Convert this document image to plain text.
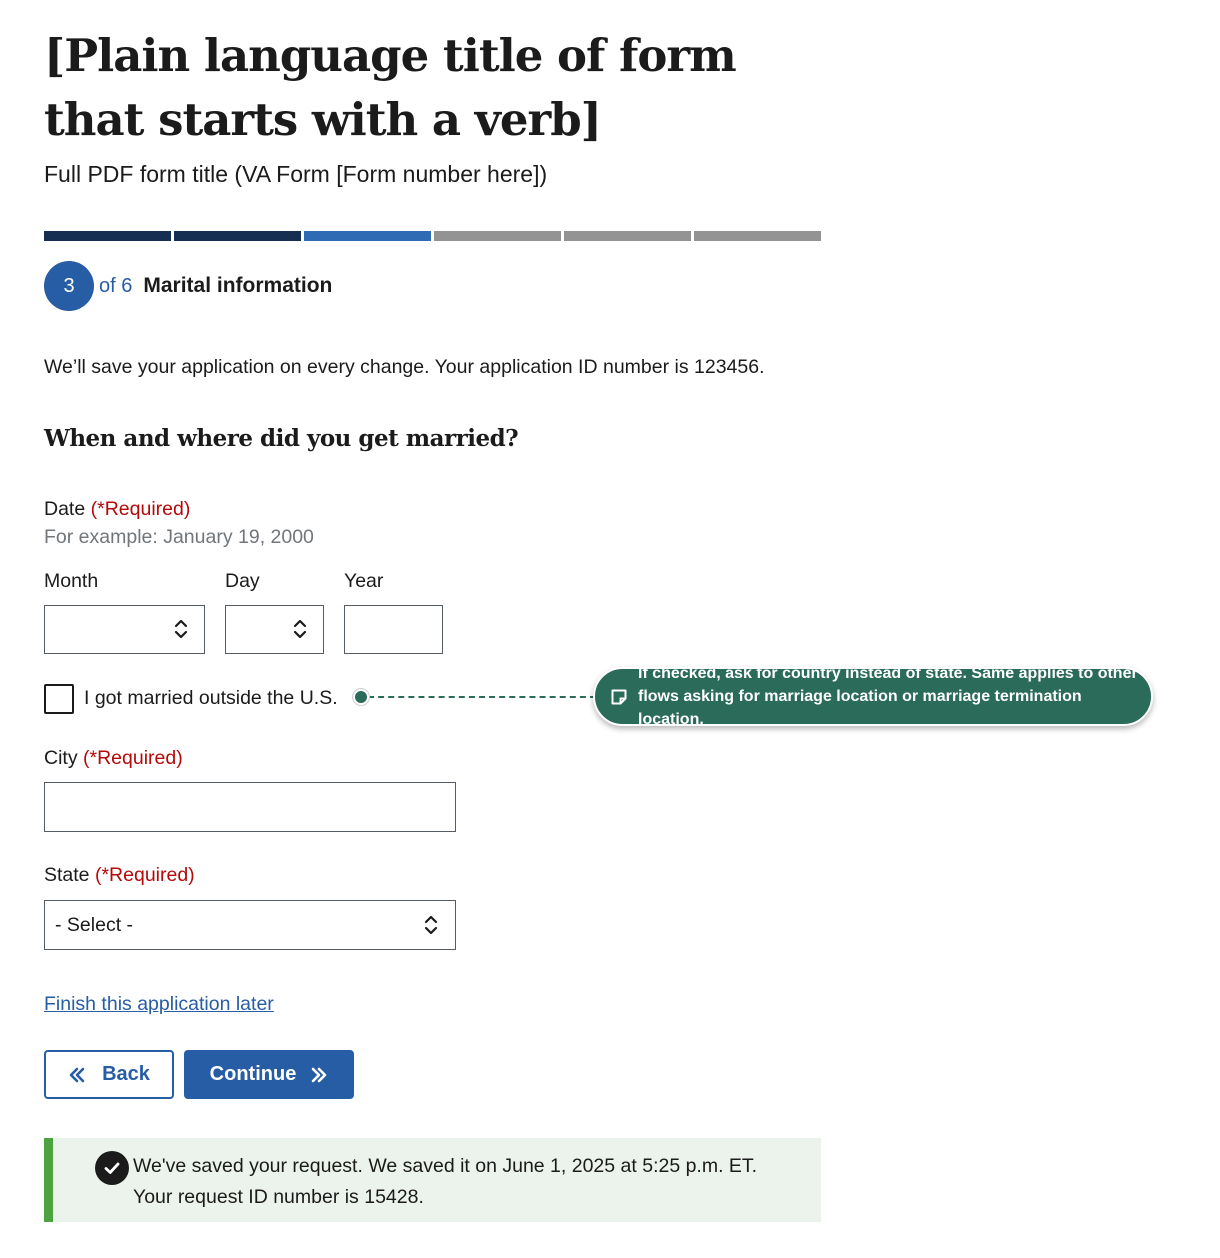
[Plain language title of form that starts with a verb]
Full PDF form title (VA Form [Form number here])
3	of 6 Marital information

We’ll save your application on every change. Your application ID number is 123456.

When and where did you get married?
Date (*Required)
For example: January 19, 2000
Month	Day	Year
I got married outside the U.S.
If checked, ask for country instead of state. Same applies to other
flows asking for marriage location or marriage termination location.
City (*Required)
State (*Required)
- Select -
Finish this application later
Back	Continue
We've saved your request. We saved it on June 1, 2025 at 5:25 p.m. ET.
Your request ID number is 15428.
